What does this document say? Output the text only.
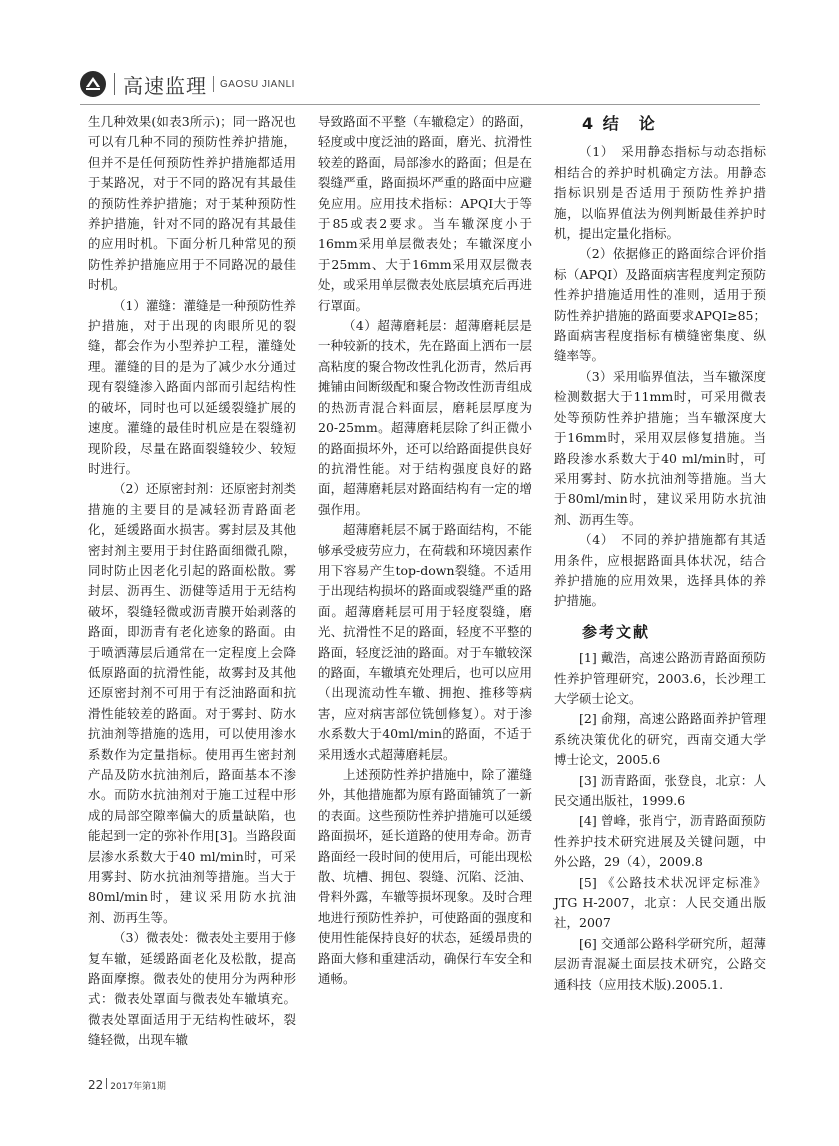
高速监理 GAOSU JIANLI

生几种效果(如表3所示)；同一路况也可以有几种不同的预防性养护措施，但并不是任何预防性养护措施都适用于某路况，对于不同的路况有其最佳的预防性养护措施；对于某种预防性养护措施，针对不同的路况有其最佳的应用时机。下面分析几种常见的预防性养护措施应用于不同路况的最佳时机。

（1）灌缝：灌缝是一种预防性养护措施，对于出现的肉眼所见的裂缝，都会作为小型养护工程，灌缝处理。灌缝的目的是为了减少水分通过现有裂缝渗入路面内部而引起结构性的破坏，同时也可以延缓裂缝扩展的速度。灌缝的最佳时机应是在裂缝初现阶段，尽量在路面裂缝较少、较短时进行。

（2）还原密封剂：还原密封剂类措施的主要目的是减轻沥青路面老化，延缓路面水损害。雾封层及其他密封剂主要用于封住路面细微孔隙，同时防止因老化引起的路面松散。雾封层、沥再生、沥健等适用于无结构破坏，裂缝轻微或沥青膜开始剥落的路面，即沥青有老化迹象的路面。由于喷洒薄层后通常在一定程度上会降低原路面的抗滑性能，故雾封及其他还原密封剂不可用于有泛油路面和抗滑性能较差的路面。对于雾封、防水抗油剂等措施的选用，可以使用渗水系数作为定量指标。使用再生密封剂产品及防水抗油剂后，路面基本不渗水。而防水抗油剂对于施工过程中形成的局部空隙率偏大的质量缺陷，也能起到一定的弥补作用[3]。当路段面层渗水系数大于40 ml/min时，可采用雾封、防水抗油剂等措施。当大于80ml/min时，建议采用防水抗油剂、沥再生等。

（3）微表处：微表处主要用于修复车辙，延缓路面老化及松散，提高路面摩擦。微表处的使用分为两种形式：微表处罩面与微表处车辙填充。微表处罩面适用于无结构性破坏，裂缝轻微，出现车辙

导致路面不平整（车辙稳定）的路面，轻度或中度泛油的路面，磨光、抗滑性较差的路面，局部渗水的路面；但是在裂缝严重，路面损坏严重的路面中应避免应用。应用技术指标：APQI大于等于85或表2要求。当车辙深度小于16mm采用单层微表处；车辙深度小于25mm、大于16mm采用双层微表处，或采用单层微表处底层填充后再进行罩面。

（4）超薄磨耗层：超薄磨耗层是一种较新的技术，先在路面上洒布一层高粘度的聚合物改性乳化沥青，然后再摊铺由间断级配和聚合物改性沥青组成的热沥青混合料面层，磨耗层厚度为20-25mm。超薄磨耗层除了纠正微小的路面损坏外，还可以给路面提供良好的抗滑性能。对于结构强度良好的路面，超薄磨耗层对路面结构有一定的增强作用。

超薄磨耗层不属于路面结构，不能够承受疲劳应力，在荷载和环境因素作用下容易产生top-down裂缝。不适用于出现结构损坏的路面或裂缝严重的路面。超薄磨耗层可用于轻度裂缝，磨光、抗滑性不足的路面，轻度不平整的路面，轻度泛油的路面。对于车辙较深的路面，车辙填充处理后，也可以应用（出现流动性车辙、拥抱、推移等病害，应对病害部位铣刨修复）。对于渗水系数大于40ml/min的路面，不适于采用透水式超薄磨耗层。

上述预防性养护措施中，除了灌缝外，其他措施都为原有路面铺筑了一新的表面。这些预防性养护措施可以延缓路面损坏，延长道路的使用寿命。沥青路面经一段时间的使用后，可能出现松散、坑槽、拥包、裂缝、沉陷、泛油、骨料外露，车辙等损坏现象。及时合理地进行预防性养护，可使路面的强度和使用性能保持良好的状态，延缓昂贵的路面大修和重建活动，确保行车安全和通畅。

4 结　论

（1）　采用静态指标与动态指标相结合的养护时机确定方法。用静态指标识别是否适用于预防性养护措施，以临界值法为例判断最佳养护时机，提出定量化指标。

（2）依据修正的路面综合评价指标（APQI）及路面病害程度判定预防性养护措施适用性的准则，适用于预防性养护措施的路面要求APQI≥85；路面病害程度指标有横缝密集度、纵缝率等。

（3）采用临界值法，当车辙深度检测数据大于11mm时，可采用微表处等预防性养护措施；当车辙深度大于16mm时，采用双层修复措施。当路段渗水系数大于40 ml/min时，可采用雾封、防水抗油剂等措施。当大于80ml/min时，建议采用防水抗油剂、沥再生等。

（4）　不同的养护措施都有其适用条件，应根据路面具体状况，结合养护措施的应用效果，选择具体的养护措施。

参考文献

[1] 戴浩，高速公路沥青路面预防性养护管理研究，2003.6，长沙理工大学硕士论文。

[2] 俞翔，高速公路路面养护管理系统决策优化的研究，西南交通大学博士论文，2005.6

[3] 沥青路面，张登良，北京：人民交通出版社，1999.6

[4] 曾峰，张肖宁，沥青路面预防性养护技术研究进展及关键问题，中外公路，29（4），2009.8

[5] 《公路技术状况评定标准》JTG H-2007，北京：人民交通出版社，2007

[6] 交通部公路科学研究所，超薄层沥青混凝土面层技术研究，公路交通科技（应用技术版).2005.1.

22 2017年第1期
